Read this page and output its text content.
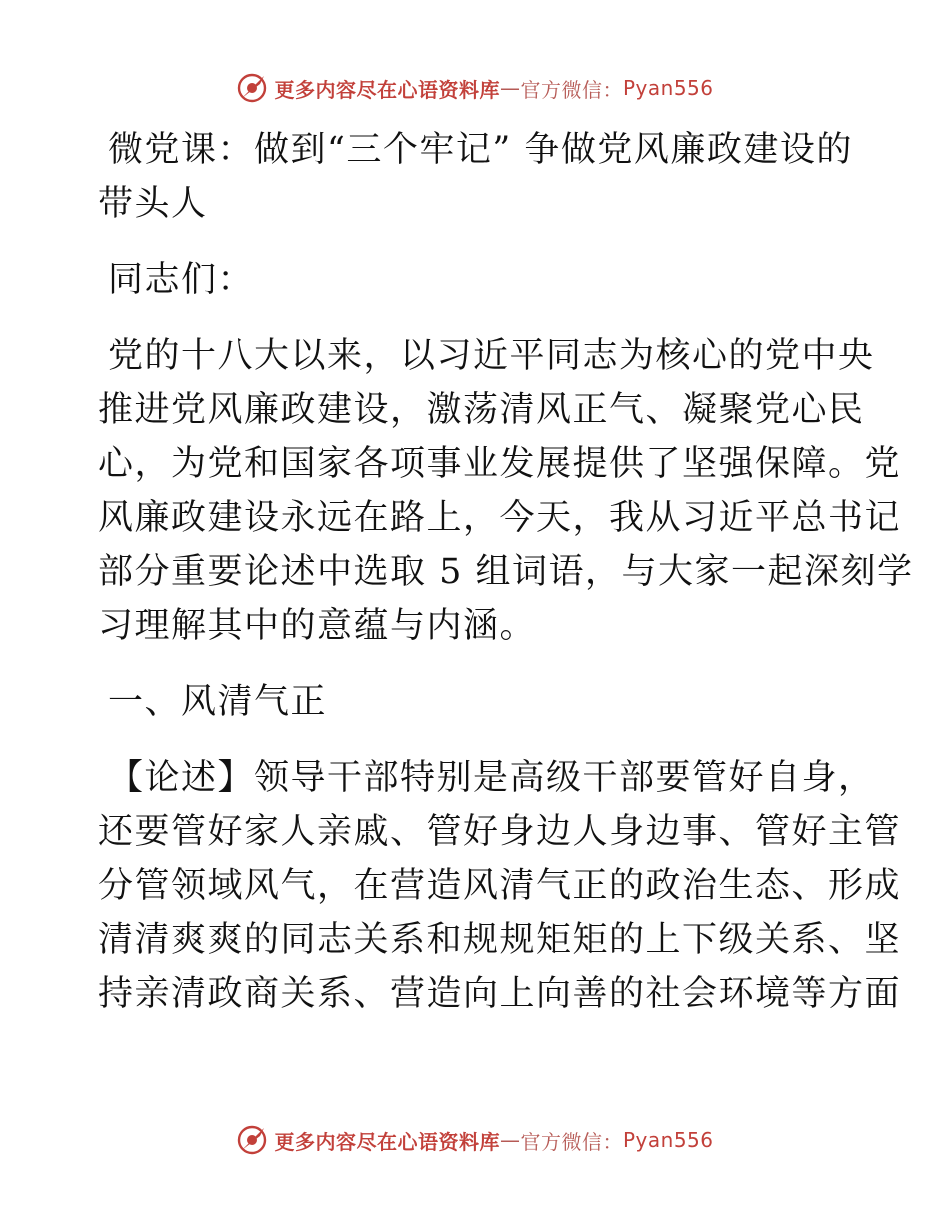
更多内容尽在心语资料库 — 官方微信： Pyan556
微党课：做到“三个牢记” 争做党风廉政建设的
带头人
同志们：
党的十八大以来，以习近平同志为核心的党中央
推进党风廉政建设，激荡清风正气、凝聚党心民
心，为党和国家各项事业发展提供了坚强保障。党
风廉政建设永远在路上，今天，我从习近平总书记
部分重要论述中选取 5 组词语，与大家一起深刻学
习理解其中的意蕴与内涵。
一、风清气正
【论述】领导干部特别是高级干部要管好自身，
还要管好家人亲戚、管好身边人身边事、管好主管
分管领域风气，在营造风清气正的政治生态、形成
清清爽爽的同志关系和规规矩矩的上下级关系、坚
持亲清政商关系、营造向上向善的社会环境等方面
更多内容尽在心语资料库 — 官方微信： Pyan556
